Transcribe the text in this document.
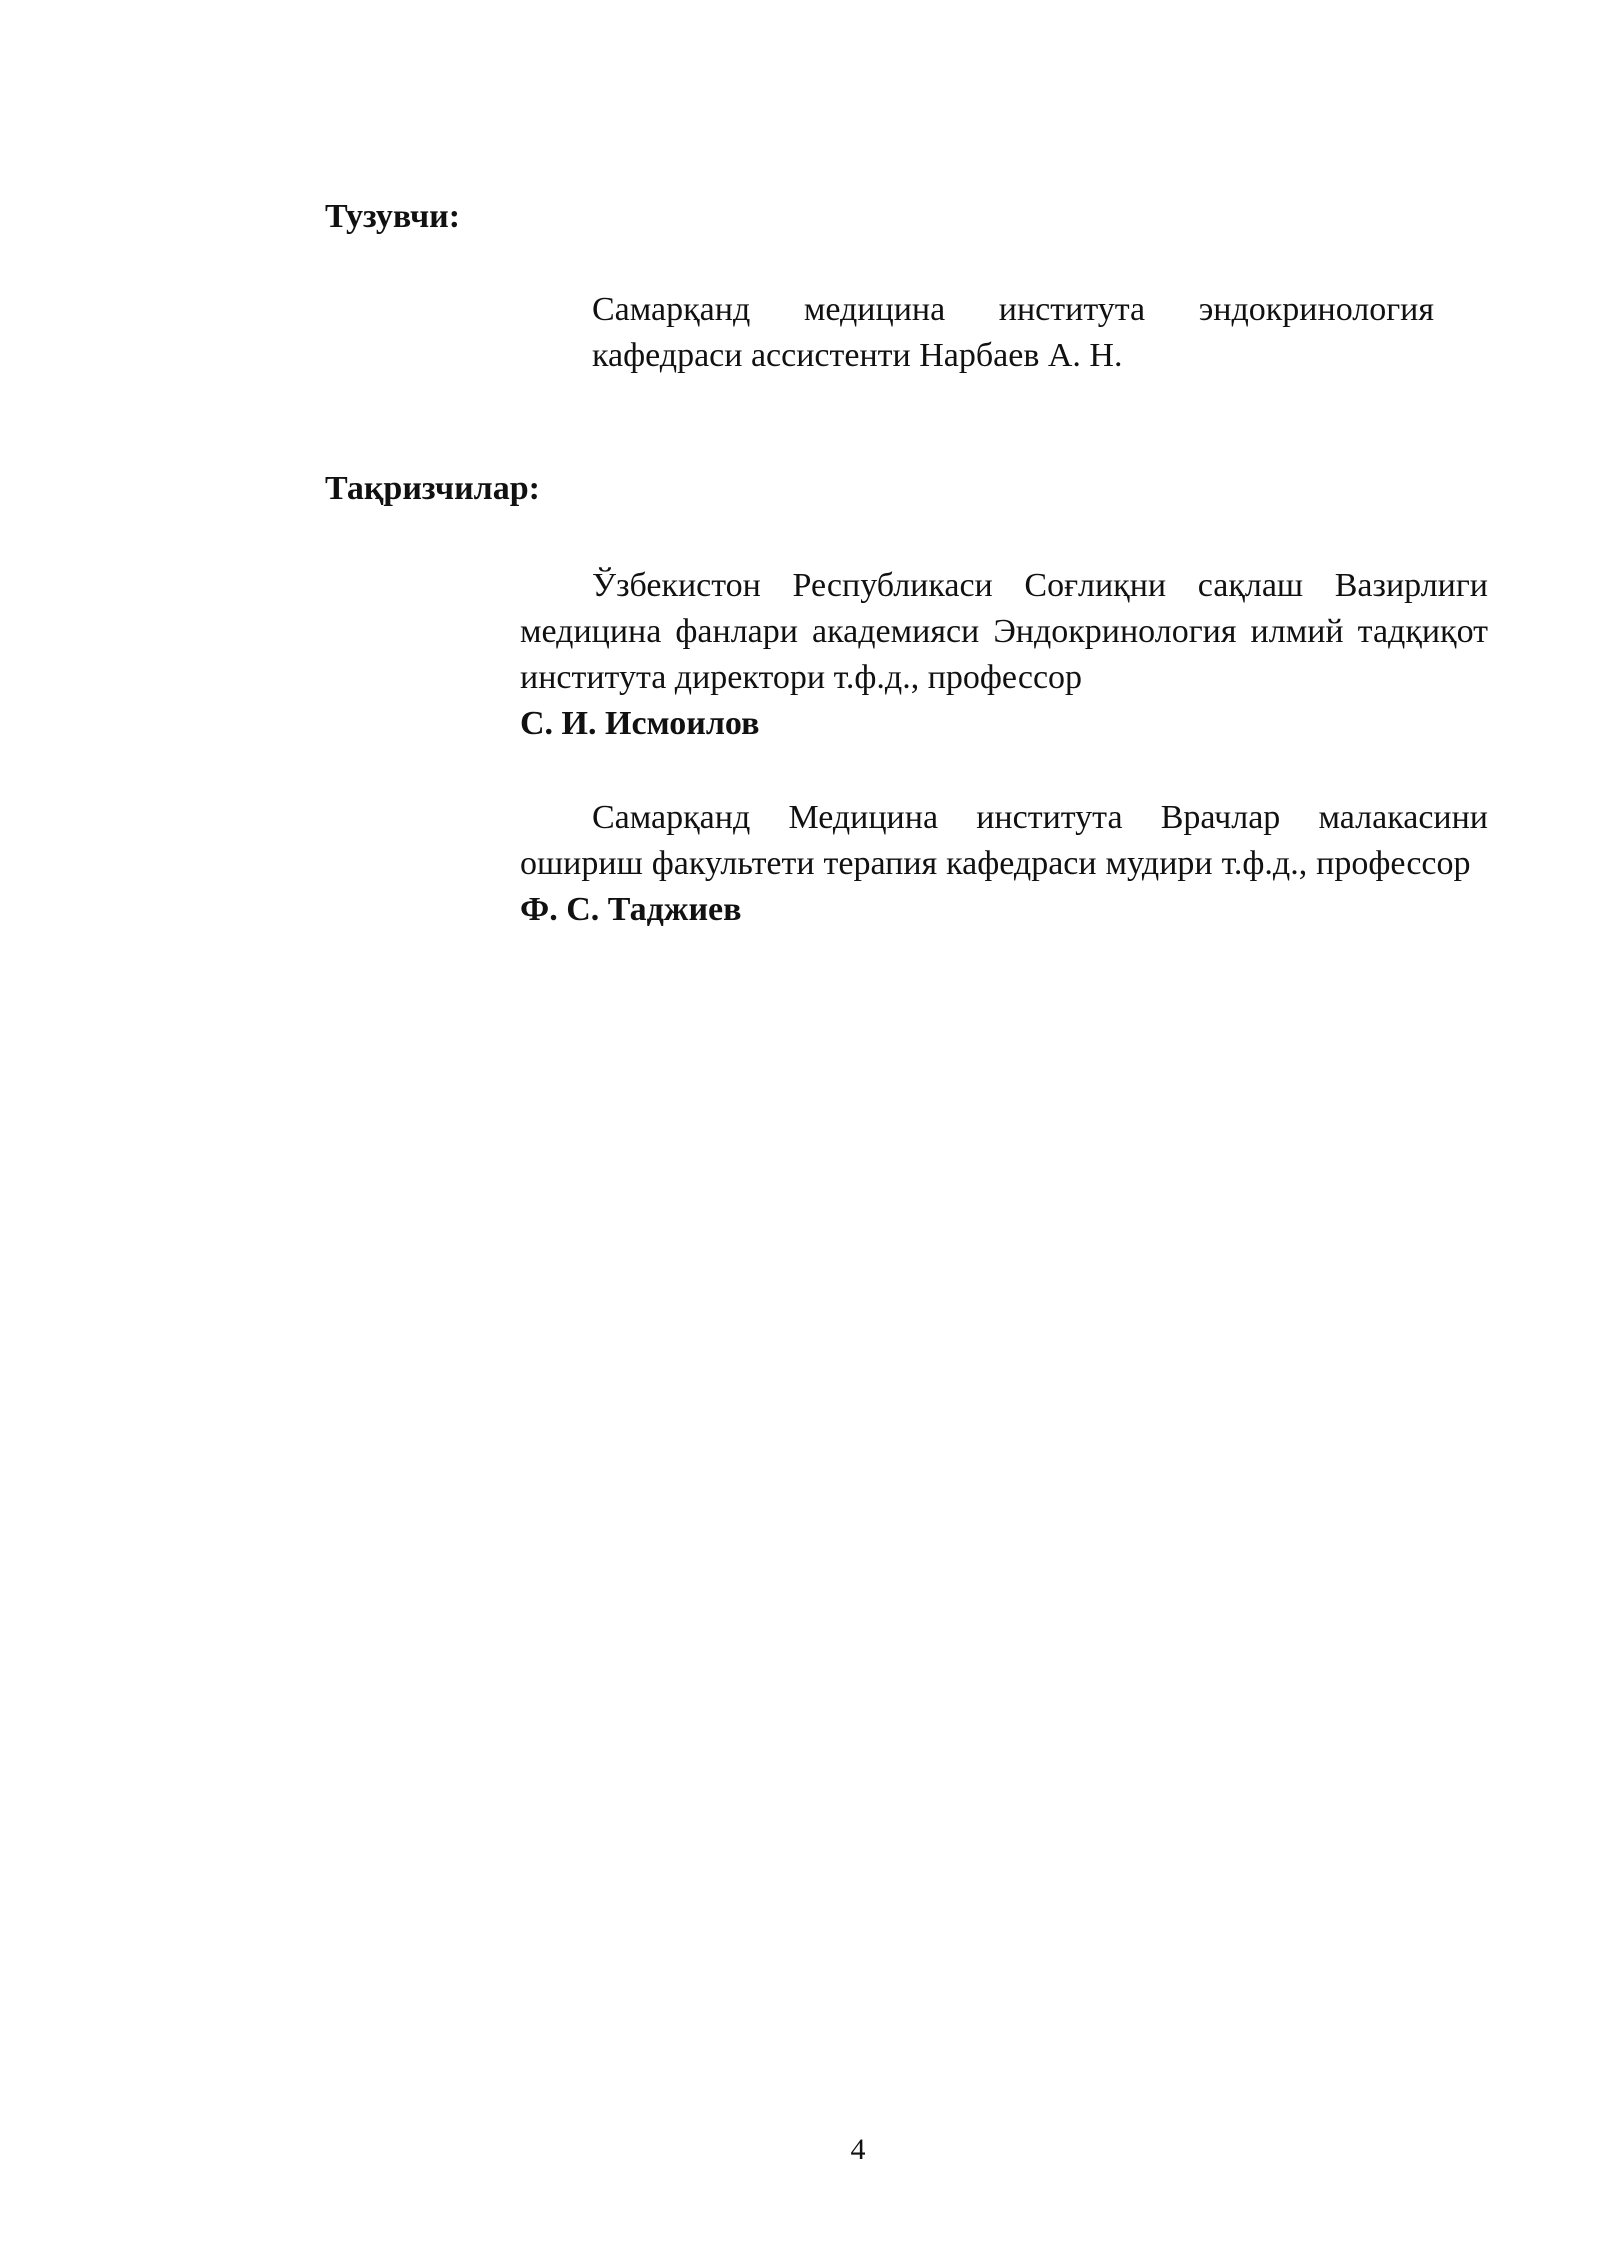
Тузувчи:

Самарқанд медицина института эндокринология
кафедраси ассистенти Нарбаев А. Н.

Тақризчилар:

Ўзбекистон Республикаси Соғлиқни сақлаш Вазирлиги медицина фанлари академияси Эндокринология илмий тадқиқот института директори т.ф.д., профессор
С. И. Исмоилов

Самарқанд Медицина института Врачлар малакасини ошириш факультети терапия кафедраси мудири т.ф.д., профессор   Ф. С. Таджиев

4
